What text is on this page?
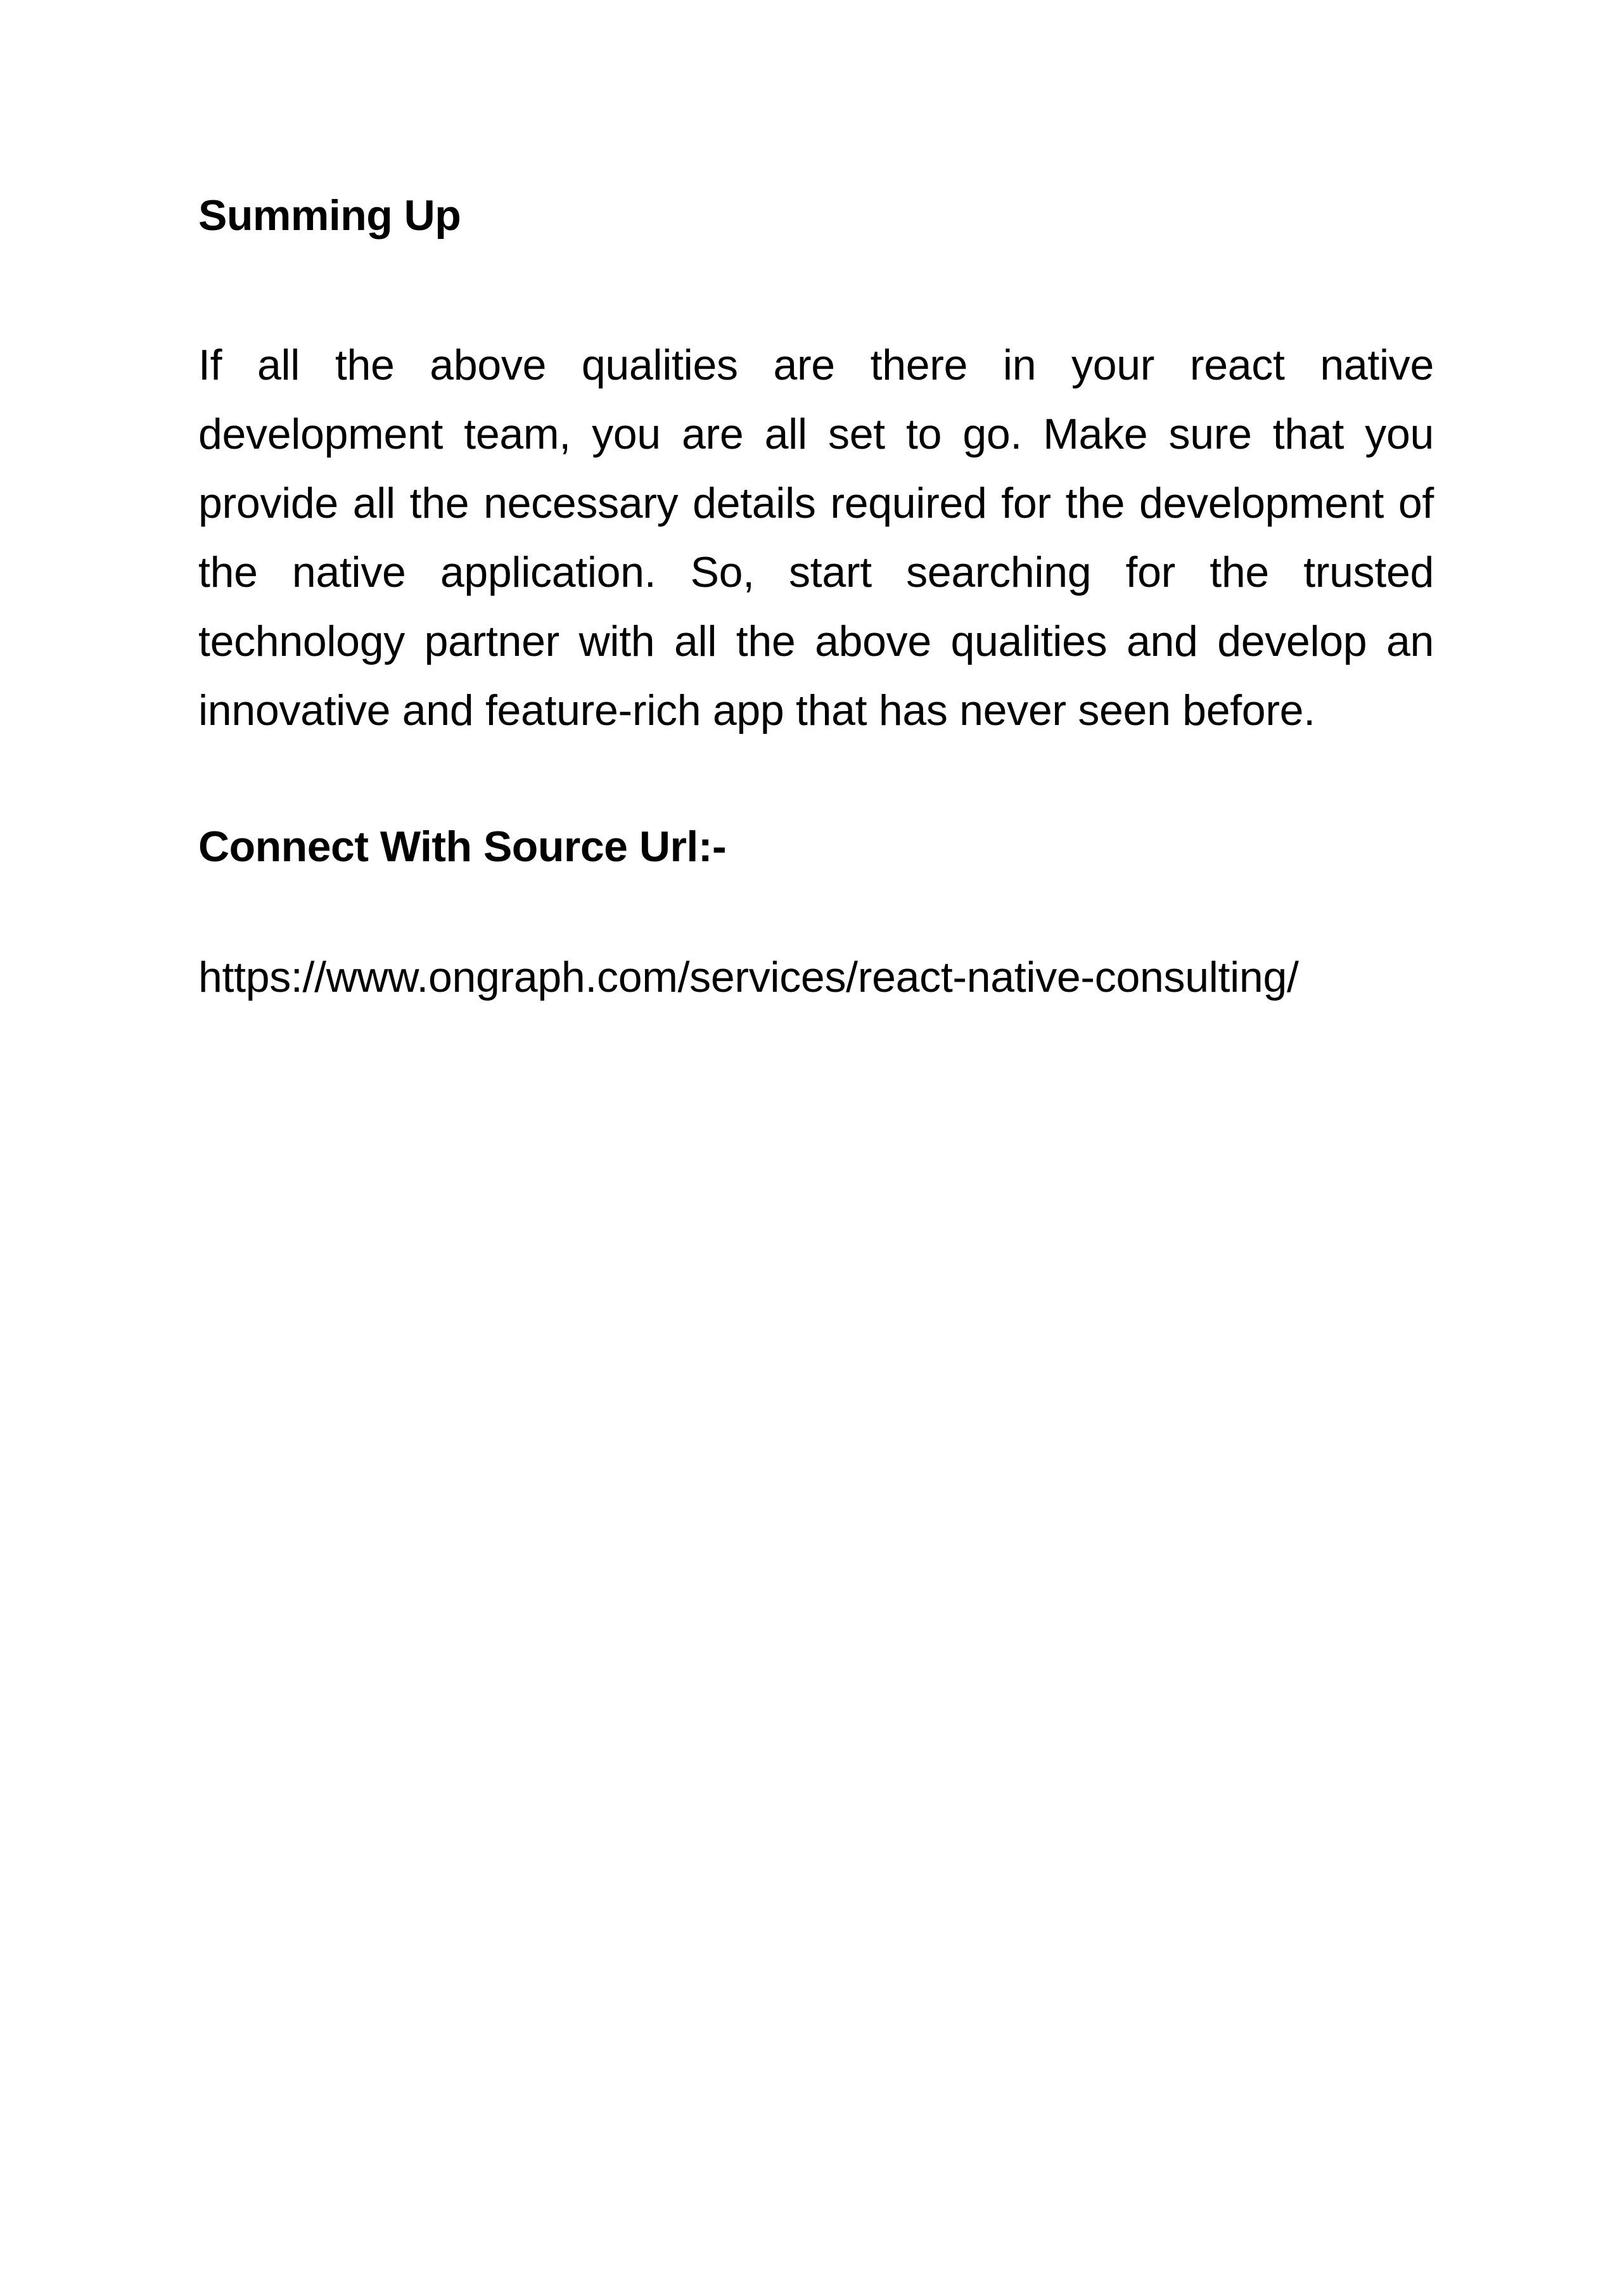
Summing Up

If all the above qualities are there in your react native development team, you are all set to go. Make sure that you provide all the necessary details required for the development of the native application. So, start searching for the trusted technology partner with all the above qualities and develop an innovative and feature-rich app that has never seen before.

Connect With Source Url:-
https://www.ongraph.com/services/react-native-consulting/
